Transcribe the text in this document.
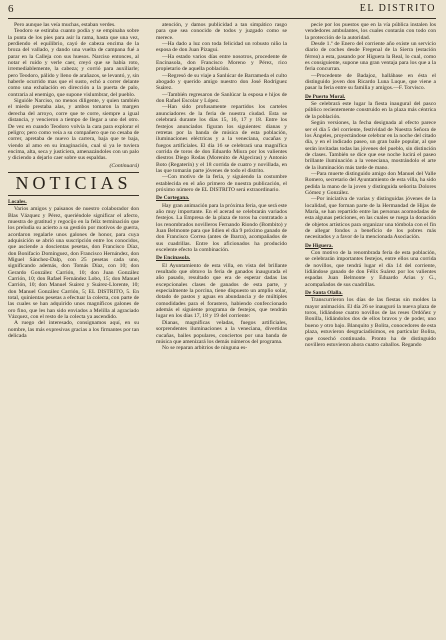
6	EL DISTRITO

Pero aunque las veía muchas, estaban verdes.

Teodoro se estiraba cuanto podía y se empinaba sobre la punta de los pies para asir la rama, hasta que una vez, perdiendo el equilibrio, cayó de cabeza encima de la broza del vallado, y dando una vuelta de campana fué a parar en la Calleja con sus huesos. Narciso entonces, al notar el ruido y verle caer, creyó que se había roto, irremediablemente, la cabeza; y corrió para auxiliarle; pero Teodoro, pálido y lleno de arañazos, se levantó, y, sin haberle ocurrido mas que el susto, echó a correr delante como una exhalación en dirección a la puerta de palo, contraria al enemigo, que supone vislumbrar, del pueblo.

Siguióle Narciso, no menos diligente, y quien también el miedo prestaba alas, y ambos tomaron la margen derecha del arroyo, corre que te corre, siempre a igual distancia, y vencieron a tiempo de llegar a uno del otro. De vez en cuando Teodoro volvía la cara para explorar el peligro; pero como veía a su compañero que no cesaba de correr, apretaba de nuevo la carrera, baja que te baja, viendo al amo en su imaginación, cual si ya le tuviera encima, alta, seca y justiciera, amenazándoles con un palo y diciendo a dejarlo caer sobre sus espaldas.

(Continuará)
NOTICIAS
Locales.

Varios amigos y paisanos de nuestro colaborador don Blas Vázquez y Pérez, queriéndole significar el afecto, muestra de gratitud y regocijo en la feliz terminación que los preludia su acierto a su gestión por motivos de guerra, acordaron regalarle unos galones de honor, para cuya adquisición se abrió una suscripción entre los conocidos, que asciende a doscientas pesetas, don Francisco Díaz, don Bonifacio Domínguez, don Francisco Hernández, don Miguel Sánchez-Dalp, con 25 pesetas cada uno, significando además, don Tomás Díaz, con 10; don Gerardo González Carrión, 10; don Juan González Carrión, 10; don Rafael Fernández Lobo, 15; don Manuel Carrión, 10; don Manuel Suárez y Suárez-Llorente, 10; don Manuel González Carrión, 5; EL DISTRITO, 5. En total, quinientas pesetas a efectuar la colecta, con parte de las cuales se han adquirido unos magníficos galones de oro fino, que les han sido enviados a Melilla al agraciado Vázquez, con el resto de la colecta ya ascendido.

A ruego del interesado, consignamos aquí, en su nombre, las más expresivas gracias a los firmantes por tan delicada

atención, y damos publicidad a tan simpático rasgo para que sea conocido de todos y juzgado como se merece.

—Ha dado a luz con toda felicidad un robusto niño la esposa de don Juan Pizagui.

—Ha estado varios días entre nosotros, procedente de Encinasola, don Francisco Moreno y Pérez, rico propietario de aquella población.

—Regresó de su viaje a Sanlúcar de Barrameda el culto abogado y querido amigo nuestro don José Rodríguez Suárez.

—También regresaron de Sanlúcar la esposa e hijos de don Rafael Escolar y López.

—Han sido profusamente repartidos los carteles anunciadores de la feria de nuestra ciudad. Esta se celebrará durante los días 15, 16, 17 y 18. Entre los festejos anunciados figuran los siguientes: dianas y retretas por la banda de música de esta población, iluminaciones eléctricas y a la veneciana, cucañas y fuegos artificiales. El día 16 se celebrará una magnífica corrida de toros de don Eduardo Miura por los valientes diestros Diego Rodas (Morenito de Algeciras) y Antonio Boto (Regaterín) y el 18 corrida de cuatro y novillada, en las que tomarán parte jóvenes de todo el distrito.

—Con motivo de la feria, y siguiendo la costumbre establecida en el año primero de nuestra publicación, el próximo número de EL DISTRITO será extraordinario.

De Cortegana.

Hay gran animación para la próxima feria, que será este año muy importante. En el acerad se celebrarán variados festejos. La Empresa de la plaza de toros ha contratado a los renombrados novilleros Fernando Riondo (Bombito) y Juan Belmonte para que lidien el día 9 próximo ganado de don Francisco Correa (antes de Ibarra), acompañados de sus cuadrillas. Entre los aficionados ha producido excelente efecto la combinación.

De Encinasola.

El Ayuntamiento de esta villa, en vista del brillante resultado que obtuvo la feria de ganados inaugurada el año pasado, resultado que era de esperar dadas las excepcionales clases de ganados de esta parte, y especialmente la porcina, tiene dispuesto un amplio solar, dotado de pastos y aguas en abundancia y de múltiples comodidades para el forastero, habiendo confeccionado además el siguiente programa de festejos, que tendrán lugar en los días 17, 18 y 19 del corriente:

Dianas, magníficas veladas, fuegos artificiales, sorprendentes iluminaciones a la veneciana, divertidas cucañas, bailes populares, conciertos por una banda de música que amenizará los demás números del programa.

No se reparan arbitrios de ninguna es-

pecie por los puestos que en la vía pública instalen los vendedores ambulantes, los cuales contarán con todo con la protección de la autoridad.

Desde 1.º de Enero del corriente año existe un servicio diario de coches desde Fregenal de la Sierra (estación férrea) a esta, pasando por Higuera la Real, lo cual, como es consiguiente, supone una gran ventaja para los que a la feria concurran.

—Procedente de Badajoz, hallábase en ésta el distinguido joven don Ricardo Luna Luque, que viene a pasar la feria entre su familia y amigos.—F. Torvisco.

De Puerto Moral.

Se celebrará este lugar la fiesta inaugural del pasco público recientemente construido en la plaza más céntrica de la población.

Según versiones, la fecha designada al efecto parece ser el día 5 del corriente, festividad de Nuestra Señora de los Ángeles, proyectándose celebrar en la noche del citado día, y en el indicado paseo, un gran baile popular, al que serán invitadas todas las jóvenes del pueblo, sin distinción de clases. También se dice que ese noche lucirá el paseo brillante iluminación a la veneciana, mostrándolo el arte de la iluminación más tarde de mano.

—Para muerte distinguido amigo don Manuel del Valle Romero, secretario del Ayuntamiento de esta villa, ha sido pedida la mano de la joven y distinguida señorita Dolores Gómez y González.

—Por iniciativa de varias y distinguidas jóvenes de la localidad, que forman parte de la Hermandad de Hijas de María, se han repartido entre las personas acomodadas de esta algunas peticiones, en las cuales se ruega la donación de objetos artísticos para organizar una tómbola con el fin de allegar fondos a beneficio de los pobres más necesitados y a favor de la mencionada Asociación.

De Higuera.

Con motivo de la renombrada feria de esta población, se celebrarán importantes festejos, entre ellos una corrida de novillos, que tendrá lugar el día 14 del corriente, lidiándose ganado de don Félix Suárez por los valientes espadas Juan Belmonte y Eduardo Arias y G., acompañados de sus cuadrillas.

De Santa Olalla.

Transcurrieron los días de las fiestas sin moldes la mayor animación. El día 26 se inauguró la nueva plaza de toros, lidiándose cuatro novillos de las reses Ordóñez y Bonilla, lidiándolos dos de ellos bravos y de poder, uno bueno y otro bajo. Blanquito y Bolita, conocedores de esta plaza, estuvieron desgraciadísimos, en particular Bolita, que cosechó continuado. Pronto ha de distinguido novillero estuvieron ahora cuatro caballos. Regando
